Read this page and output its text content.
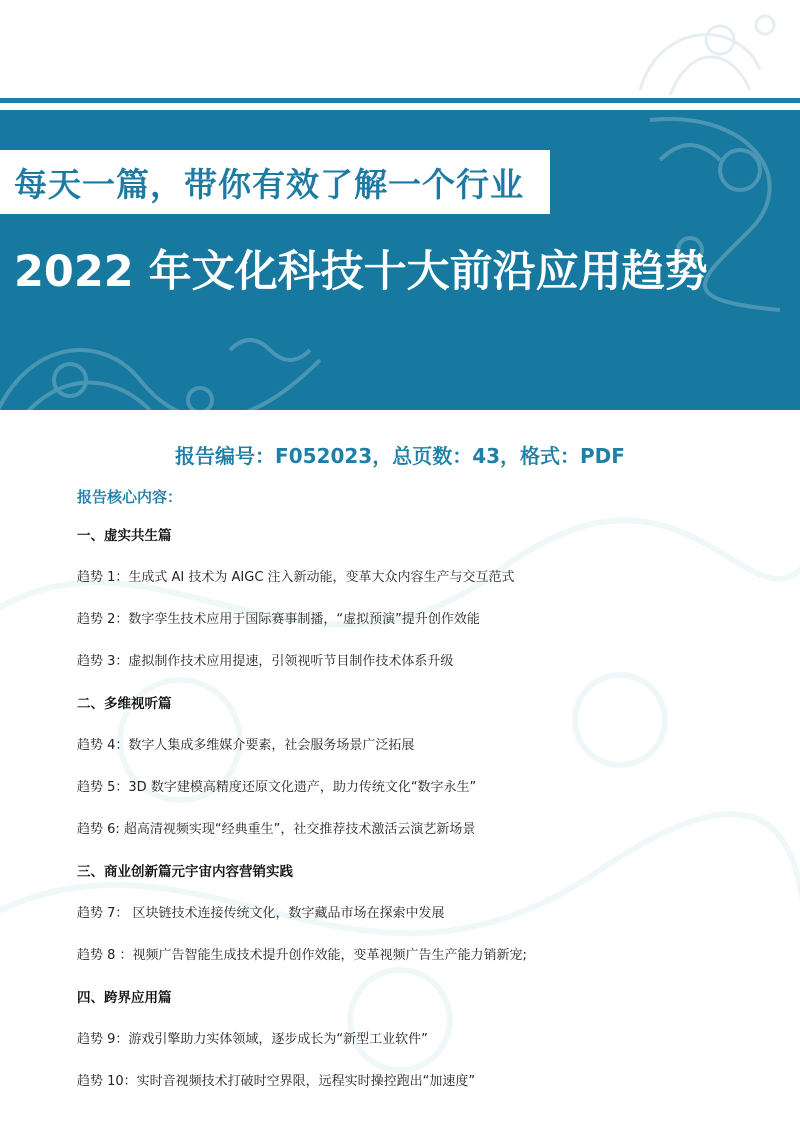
每天一篇，带你有效了解一个行业
2022 年文化科技十大前沿应用趋势
报告编号：F052023，总页数：43，格式：PDF
报告核心内容：
一、虚实共生篇
趋势 1：生成式 AI 技术为 AIGC 注入新动能，变革大众内容生产与交互范式
趋势 2：数字孪生技术应用于国际赛事制播，“虚拟预演”提升创作效能
趋势 3：虚拟制作技术应用提速，引领视听节目制作技术体系升级
二、多维视听篇
趋势 4：数字人集成多维媒介要素，社会服务场景广泛拓展
趋势 5：3D 数字建模高精度还原文化遗产，助力传统文化“数字永生”
趋势 6: 超高清视频实现“经典重生”，社交推荐技术激活云演艺新场景
三、商业创新篇元宇宙内容营销实践
趋势 7： 区块链技术连接传统文化，数字藏品市场在探索中发展
趋势 8 ：视频广告智能生成技术提升创作效能，变革视频广告生产能力销新宠;
四、跨界应用篇
趋势 9：游戏引擎助力实体领域，逐步成长为“新型工业软件”
趋势 10：实时音视频技术打破时空界限，远程实时操控跑出“加速度”
